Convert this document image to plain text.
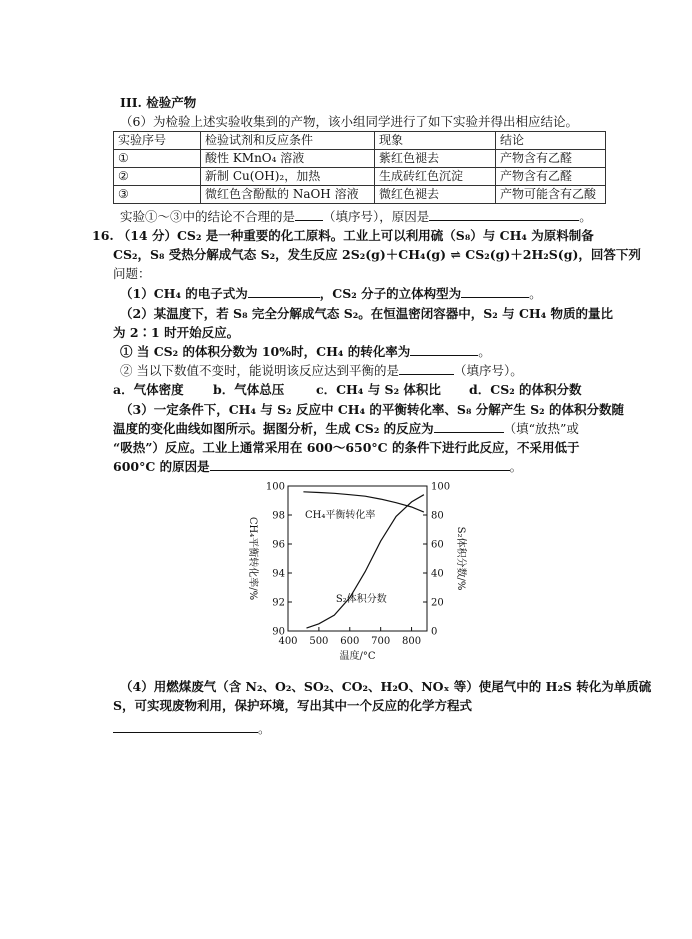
III. 检验产物
（6）为检验上述实验收集到的产物，该小组同学进行了如下实验并得出相应结论。
实验序号	检验试剂和反应条件	现象	结论
①	酸性 KMnO₄ 溶液	紫红色褪去	产物含有乙醛
②	新制 Cu(OH)₂，加热	生成砖红色沉淀	产物含有乙醛
③	微红色含酚酞的 NaOH 溶液	微红色褪去	产物可能含有乙酸
实验①～③中的结论不合理的是 （填序号），原因是	。
16. （14 分）CS₂ 是一种重要的化工原料。工业上可以利用硫（S₈）与 CH₄ 为原料制备
CS₂，S₈ 受热分解成气态 S₂，发生反应 2S₂(g)＋CH₄(g) ⇌ CS₂(g)＋2H₂S(g)，回答下列
问题：
（1）CH₄ 的电子式为	，CS₂ 分子的立体构型为	。
（2）某温度下，若 S₈ 完全分解成气态 S₂。在恒温密闭容器中，S₂ 与 CH₄ 物质的量比
为 2∶1 时开始反应。
① 当 CS₂ 的体积分数为 10%时，CH₄ 的转化率为	。
② 当以下数值不变时，能说明该反应达到平衡的是	（填序号）。
a．气体密度 b．气体总压	c．CH₄ 与 S₂ 体积比 d．CS₂ 的体积分数
（3）一定条件下，CH₄ 与 S₂ 反应中 CH₄ 的平衡转化率、S₈ 分解产生 S₂ 的体积分数随
温度的变化曲线如图所示。据图分析，生成 CS₂ 的反应为	（填“放热”或
“吸热”）反应。工业上通常采用在 600～650°C 的条件下进行此反应，不采用低于
600°C 的原因是	。
400 500 600 700 800
90
92
94
96
98
100
0
20
40
60
80
100
温度/°C
CH₄平衡转化率/%	S₂体积分数/%
CH₄平衡转化率
S₂体积分数
（4）用燃煤废气（含 N₂、O₂、SO₂、CO₂、H₂O、NOₓ 等）使尾气中的 H₂S 转化为单质硫
S，可实现废物利用，保护环境，写出其中一个反应的化学方程式
。
